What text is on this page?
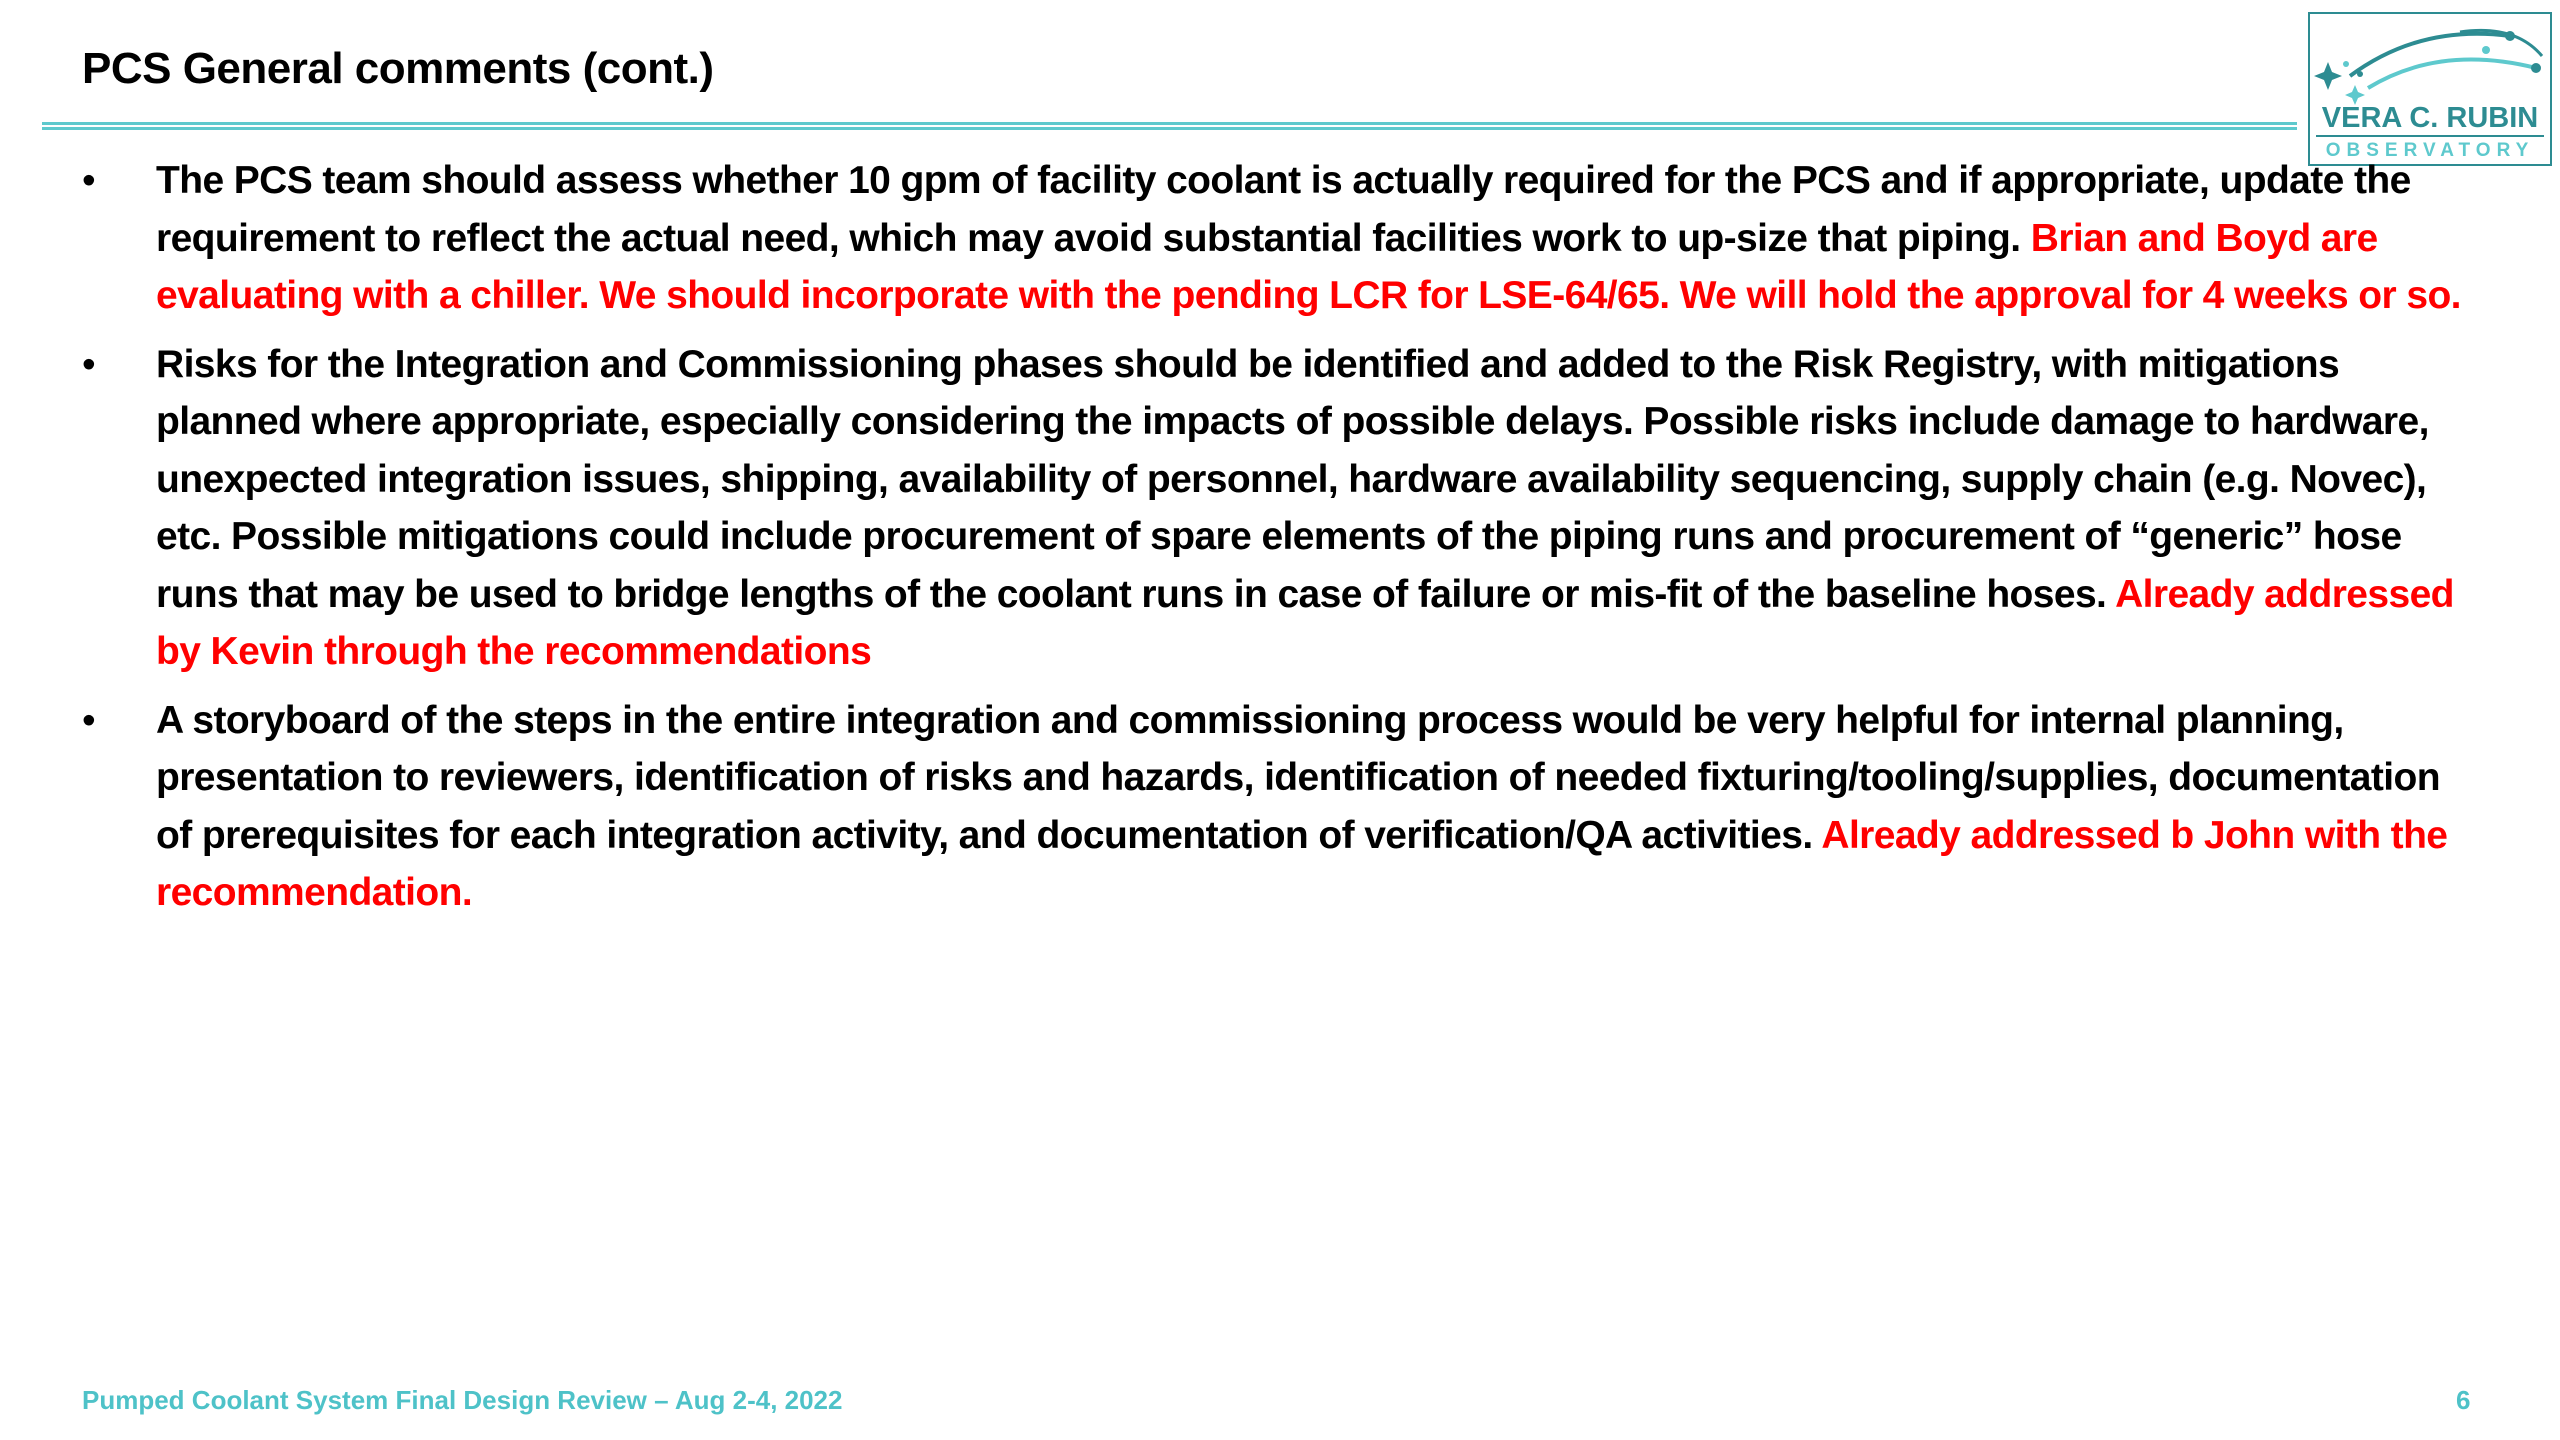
PCS General comments (cont.)
VERA C. RUBIN
OBSERVATORY
•	The PCS team should assess whether 10 gpm of facility coolant is actually required for the PCS and if appropriate, update the requirement to reflect the actual need, which may avoid substantial facilities work to up-size that piping. Brian and Boyd are evaluating with a chiller. We should incorporate with the pending LCR for LSE-64/65. We will hold the approval for 4 weeks or so.
•	Risks for the Integration and Commissioning phases should be identified and added to the Risk Registry, with mitigations planned where appropriate, especially considering the impacts of possible delays. Possible risks include damage to hardware, unexpected integration issues, shipping, availability of personnel, hardware availability sequencing, supply chain (e.g. Novec), etc. Possible mitigations could include procurement of spare elements of the piping runs and procurement of “generic” hose runs that may be used to bridge lengths of the coolant runs in case of failure or mis-fit of the baseline hoses. Already addressed by Kevin through the recommendations
•	A storyboard of the steps in the entire integration and commissioning process would be very helpful for internal planning, presentation to reviewers, identification of risks and hazards, identification of needed fixturing/tooling/supplies, documentation of prerequisites for each integration activity, and documentation of verification/QA activities. Already addressed b John with the recommendation.
Pumped Coolant System Final Design Review – Aug 2-4, 2022	6
